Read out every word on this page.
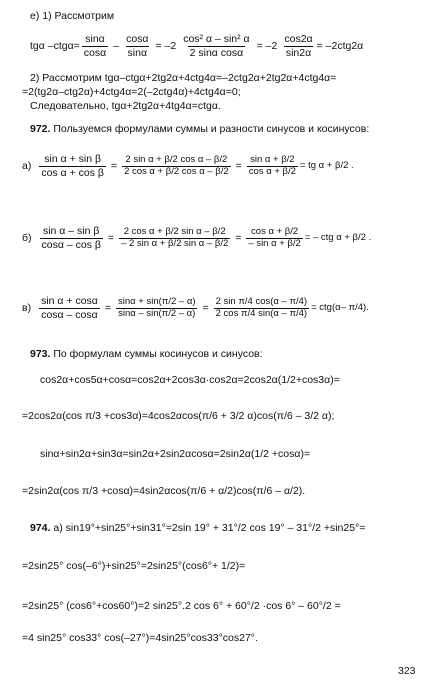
e) 1) Рассмотрим
tgα $-ctg\alpha= \frac{\sin\alpha}{\cos\alpha} - \frac{\cos\alpha}{\sin\alpha} = -2 \frac{\text{cos² α – sin² α}}{\text{2 sinα cosα}} = -2 \frac{\cos 2\alpha}{\sin 2\alpha} = -2ctg2\alpha$
2) Рассмотрим tgα–ctgα+2tg2α+4ctg4α=–2ctg2α+2tg2α+4ctg4α=
=2(tg2α–ctg2α)+4ctg4α=2(–2ctg4α)+4ctg4α=0;
Следовательно, tgα+2tg2α+4tg4α=ctgα.
972. Пользуемся формулами суммы и разности синусов и косинусов:
$а) \frac{\text{sin α + sin β}}{\text{cos α + cos β}} = \frac{\text{2 sin α + β/2 cos α – β/2}}{\text{2 cos α + β/2 cos α – β/2}} = \frac{\text{sin α + β/2}}{\text{cos α + β/2}}$ = tg α + β/2 .
$б) \frac{\text{sin α – sin β}}{\text{cosα – cos β}} = \frac{\text{2 cos α + β/2 sin α – β/2}}{\text{– 2 sin α + β/2 sin α – β/2}} = \frac{\text{cos α + β/2}}{\text{– sin α + β/2}}$ = – ctg α + β/2 .
$в) \frac{\text{sin α + cosα}}{\cos\alpha - \cos\alpha} = \frac{\sin\alpha + \sin(\pi/2 - \alpha)}{\sin\alpha - \sin(\pi/2 - \alpha)} = \frac{\text{2 sin π/4 cos(α – π/4)}}{\text{2 cos π/4 sin(α – π/4)}} = ctg(\alpha-$ π/4).
973. По формулам суммы косинусов и синусов:
cos2α+cos5α+cosα=cos2α+2cos3α·cos2α=2cos2α(1/2+cos3α)=
=2cos2α(cos π/3 +cos3α)=4cos2αcos(π/6 + 3/2 α)cos(π/6 – 3/2 α);
sinα+sin2α+sin3α=sin2α+2sin2αcosα=2sin2α(1/2 +cosα)=
=2sin2α(cos π/3 +cosα)=4sin2αcos(π/6 + α/2)cos(π/6 – α/2).
974. а) sin19°+sin25°+sin31°=2sin 19° + 31°/2 cos 19° – 31°/2 +sin25°=
=2sin25° cos(–6°)+sin25°=2sin25°(cos6°+ 1/2)=
=2sin25° (cos6°+cos60°)=2 sin25°.2 cos 6° + 60°/2 ·cos 6° – 60°/2 =
=4 sin25° cos33° cos(–27°)=4sin25°cos33°cos27°.
323
